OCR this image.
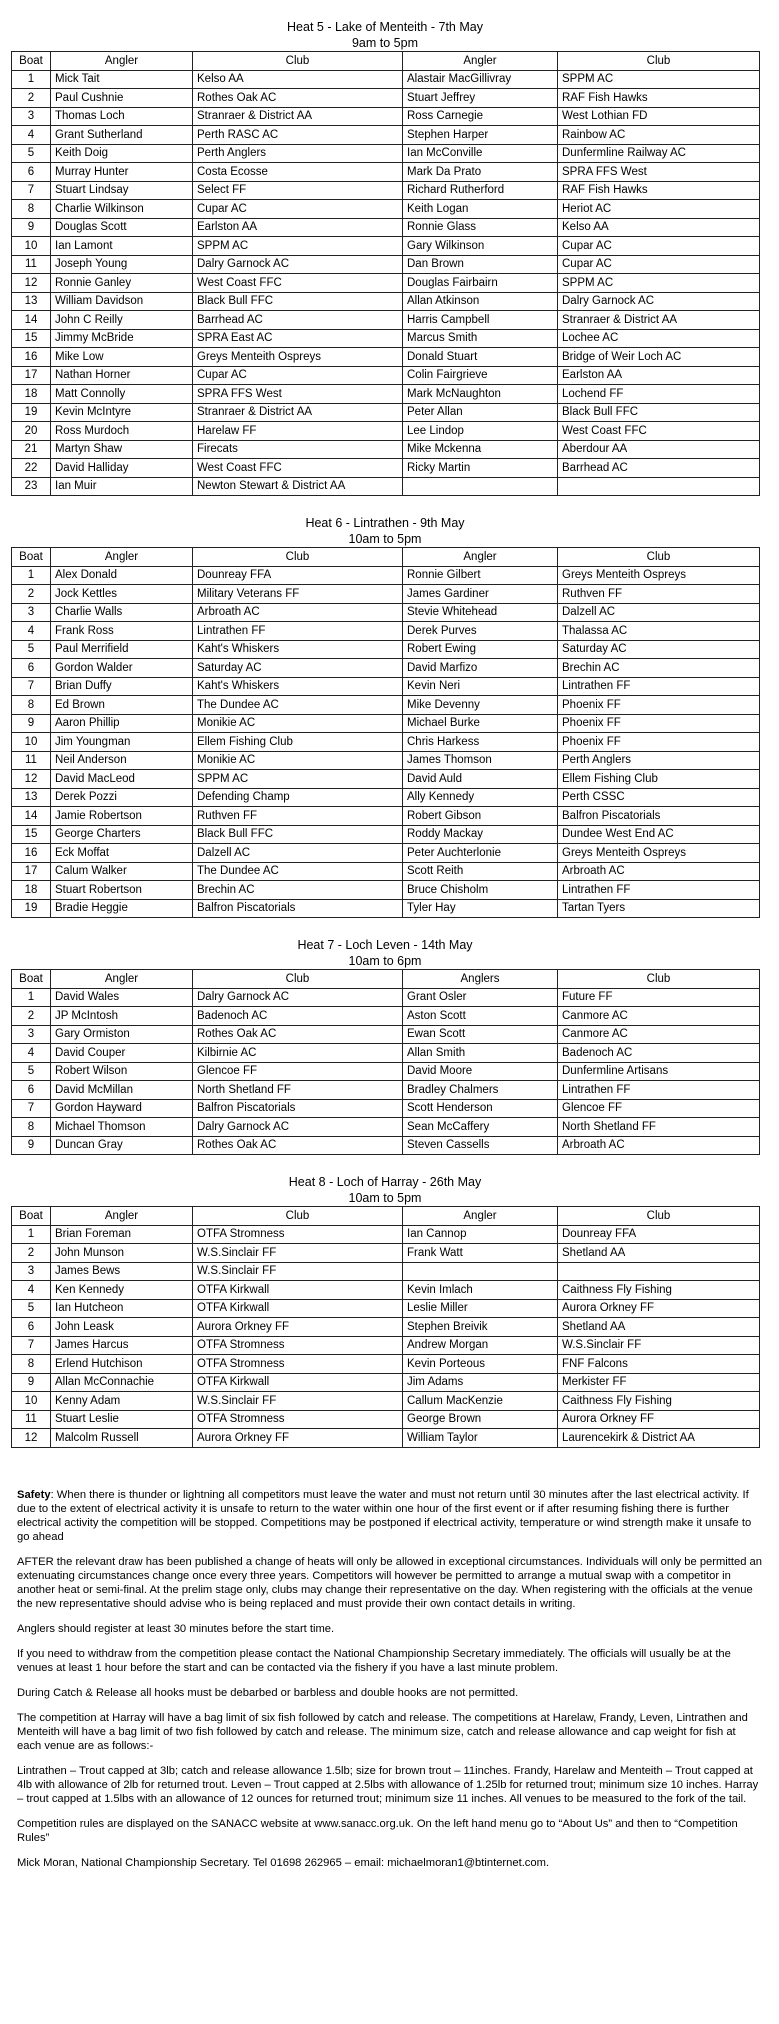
Heat 5 - Lake of Menteith - 7th May
9am to 5pm
Boat	Angler	Club	Angler	Club
1	Mick Tait	Kelso AA	Alastair MacGillivray	SPPM AC
2	Paul Cushnie	Rothes Oak AC	Stuart Jeffrey	RAF Fish Hawks
3	Thomas Loch	Stranraer & District AA	Ross Carnegie	West Lothian FD
4	Grant Sutherland	Perth RASC AC	Stephen Harper	Rainbow AC
5	Keith Doig	Perth Anglers	Ian McConville	Dunfermline Railway AC
6	Murray Hunter	Costa Ecosse	Mark Da Prato	SPRA FFS West
7	Stuart Lindsay	Select FF	Richard Rutherford	RAF Fish Hawks
8	Charlie Wilkinson	Cupar AC	Keith Logan	Heriot AC
9	Douglas Scott	Earlston AA	Ronnie Glass	Kelso AA
10	Ian Lamont	SPPM AC	Gary Wilkinson	Cupar AC
11	Joseph Young	Dalry Garnock AC	Dan Brown	Cupar AC
12	Ronnie Ganley	West Coast FFC	Douglas Fairbairn	SPPM AC
13	William Davidson	Black Bull FFC	Allan Atkinson	Dalry Garnock AC
14	John C Reilly	Barrhead AC	Harris Campbell	Stranraer & District AA
15	Jimmy McBride	SPRA East AC	Marcus Smith	Lochee AC
16	Mike Low	Greys Menteith Ospreys	Donald Stuart	Bridge of Weir Loch AC
17	Nathan Horner	Cupar AC	Colin Fairgrieve	Earlston AA
18	Matt Connolly	SPRA FFS West	Mark McNaughton	Lochend FF
19	Kevin McIntyre	Stranraer & District AA	Peter Allan	Black Bull FFC
20	Ross Murdoch	Harelaw FF	Lee Lindop	West Coast FFC
21	Martyn Shaw	Firecats	Mike Mckenna	Aberdour AA
22	David Halliday	West Coast FFC	Ricky Martin	Barrhead AC
23	Ian Muir	Newton Stewart & District AA		
Heat 6 - Lintrathen - 9th May
10am to 5pm
Boat	Angler	Club	Angler	Club
1	Alex Donald	Dounreay FFA	Ronnie Gilbert	Greys Menteith Ospreys
2	Jock Kettles	Military Veterans FF	James Gardiner	Ruthven FF
3	Charlie Walls	Arbroath AC	Stevie Whitehead	Dalzell AC
4	Frank Ross	Lintrathen FF	Derek Purves	Thalassa AC
5	Paul Merrifield	Kaht's Whiskers	Robert Ewing	Saturday AC
6	Gordon Walder	Saturday AC	David Marfizo	Brechin AC
7	Brian Duffy	Kaht's Whiskers	Kevin Neri	Lintrathen FF
8	Ed Brown	The Dundee AC	Mike Devenny	Phoenix FF
9	Aaron Phillip	Monikie AC	Michael Burke	Phoenix FF
10	Jim Youngman	Ellem Fishing Club	Chris Harkess	Phoenix FF
11	Neil Anderson	Monikie AC	James Thomson	Perth Anglers
12	David MacLeod	SPPM AC	David Auld	Ellem Fishing Club
13	Derek Pozzi	Defending Champ	Ally Kennedy	Perth CSSC
14	Jamie Robertson	Ruthven FF	Robert Gibson	Balfron Piscatorials
15	George Charters	Black Bull FFC	Roddy Mackay	Dundee West End AC
16	Eck Moffat	Dalzell AC	Peter Auchterlonie	Greys Menteith Ospreys
17	Calum Walker	The Dundee AC	Scott Reith	Arbroath AC
18	Stuart Robertson	Brechin AC	Bruce Chisholm	Lintrathen FF
19	Bradie Heggie	Balfron Piscatorials	Tyler Hay	Tartan Tyers
Heat 7 - Loch Leven - 14th May
10am to 6pm
Boat	Angler	Club	Anglers	Club
1	David Wales	Dalry Garnock AC	Grant Osler	Future FF
2	JP McIntosh	Badenoch AC	Aston Scott	Canmore AC
3	Gary Ormiston	Rothes Oak AC	Ewan Scott	Canmore AC
4	David Couper	Kilbirnie AC	Allan Smith	Badenoch AC
5	Robert Wilson	Glencoe FF	David Moore	Dunfermline Artisans
6	David McMillan	North Shetland FF	Bradley Chalmers	Lintrathen FF
7	Gordon Hayward	Balfron Piscatorials	Scott Henderson	Glencoe FF
8	Michael Thomson	Dalry Garnock AC	Sean McCaffery	North Shetland FF
9	Duncan Gray	Rothes Oak AC	Steven Cassells	Arbroath AC
Heat 8 - Loch of Harray - 26th May
10am to 5pm
Boat	Angler	Club	Angler	Club
1	Brian Foreman	OTFA Stromness	Ian Cannop	Dounreay FFA
2	John Munson	W.S.Sinclair FF	Frank Watt	Shetland AA
3	James Bews	W.S.Sinclair FF		
4	Ken Kennedy	OTFA Kirkwall	Kevin Imlach	Caithness Fly Fishing
5	Ian Hutcheon	OTFA Kirkwall	Leslie Miller	Aurora Orkney FF
6	John Leask	Aurora Orkney FF	Stephen Breivik	Shetland AA
7	James Harcus	OTFA Stromness	Andrew Morgan	W.S.Sinclair FF
8	Erlend Hutchison	OTFA Stromness	Kevin Porteous	FNF Falcons
9	Allan McConnachie	OTFA Kirkwall	Jim Adams	Merkister FF
10	Kenny Adam	W.S.Sinclair FF	Callum MacKenzie	Caithness Fly Fishing
11	Stuart Leslie	OTFA Stromness	George Brown	Aurora Orkney FF
12	Malcolm Russell	Aurora Orkney FF	William Taylor	Laurencekirk & District AA

Safety: When there is thunder or lightning all competitors must leave the water and must not return until 30 minutes after the last electrical activity. If due to the extent of electrical activity it is unsafe to return to the water within one hour of the first event or if after resuming fishing there is further electrical activity the competition will be stopped. Competitions may be postponed if electrical activity, temperature or wind strength make it unsafe to go ahead

AFTER the relevant draw has been published a change of heats will only be allowed in exceptional circumstances. Individuals will only be permitted an extenuating circumstances change once every three years. Competitors will however be permitted to arrange a mutual swap with a competitor in another heat or semi-final. At the prelim stage only, clubs may change their representative on the day. When registering with the officials at the venue the new representative should advise who is being replaced and must provide their own contact details in writing.

Anglers should register at least 30 minutes before the start time.

If you need to withdraw from the competition please contact the National Championship Secretary immediately. The officials will usually be at the venues at least 1 hour before the start and can be contacted via the fishery if you have a last minute problem.

During Catch & Release all hooks must be debarbed or barbless and double hooks are not permitted.

The competition at Harray will have a bag limit of six fish followed by catch and release. The competitions at Harelaw, Frandy, Leven, Lintrathen and Menteith will have a bag limit of two fish followed by catch and release. The minimum size, catch and release allowance and cap weight for fish at each venue are as follows:-

Lintrathen – Trout capped at 3lb; catch and release allowance 1.5lb; size for brown trout – 11inches. Frandy, Harelaw and Menteith – Trout capped at 4lb with allowance of 2lb for returned trout. Leven – Trout capped at 2.5lbs with allowance of 1.25lb for returned trout; minimum size 10 inches. Harray – trout capped at 1.5lbs with an allowance of 12 ounces for returned trout; minimum size 11 inches. All venues to be measured to the fork of the tail.

Competition rules are displayed on the SANACC website at www.sanacc.org.uk. On the left hand menu go to “About Us” and then to “Competition Rules”

Mick Moran, National Championship Secretary. Tel 01698 262965 – email: michaelmoran1@btinternet.com.
